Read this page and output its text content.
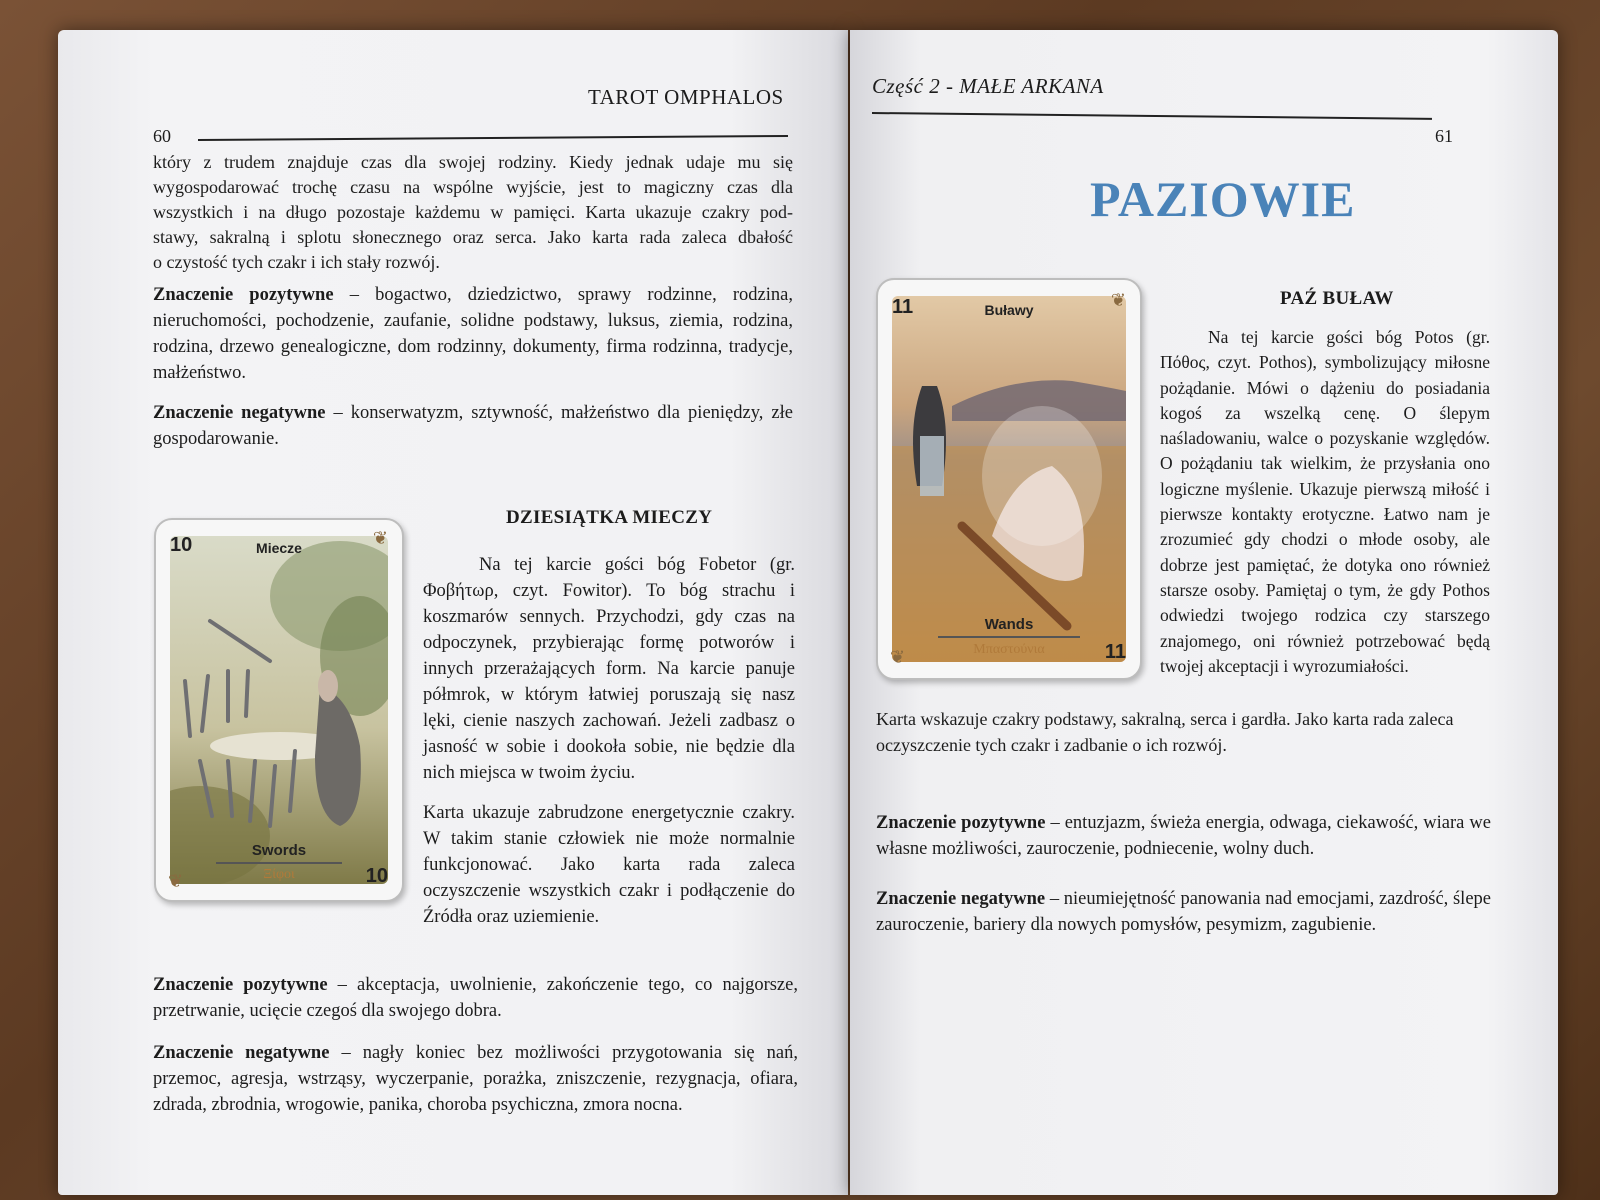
TAROT OMPHALOS
60

który z trudem znajduje czas dla swojej rodziny. Kiedy jednak udaje mu się

wygospodarować trochę czasu na wspólne wyjście, jest to magiczny czas dla

wszystkich i na długo pozostaje każdemu w pamięci. Karta ukazuje czakry pod-

stawy, sakralną i splotu słonecznego oraz serca. Jako karta rada zaleca dbałość

o czystość tych czakr i ich stały rozwój.

Znaczenie pozytywne – bogactwo, dziedzictwo, sprawy rodzinne, rodzina, nieruchomości, pochodzenie, zaufanie, solidne podstawy, luksus, ziemia, rodzina, rodzina, drzewo genealogiczne, dom rodzinny, dokumenty, firma rodzinna, tradycje, małżeństwo.
Znaczenie negatywne – konserwatyzm, sztywność, małżeństwo dla pieniędzy, złe gospodarowanie.
DZIESIĄTKA MIECZY
10	Miecze	❦
❦
Swords
Ξίφοι	10
Na tej karcie gości bóg Fobetor (gr. Φοβήτωρ, czyt. Fowitor). To bóg strachu i koszmarów sennych. Przychodzi, gdy czas na odpoczynek, przybierając formę potworów i innych przerażających form. Na karcie panuje półmrok, w którym łatwiej poruszają się nasz lęki, cienie naszych zachowań. Jeżeli zadbasz o jasność w sobie i dookoła sobie, nie będzie dla nich miejsca w twoim życiu.
Karta ukazuje zabrudzone energetycznie czakry. W takim stanie człowiek nie może normalnie funkcjonować. Jako karta rada zaleca oczyszczenie wszystkich czakr i podłączenie do Źródła oraz uziemienie.
Znaczenie pozytywne – akceptacja, uwolnienie, zakończenie tego, co najgorsze, przetrwanie, ucięcie czegoś dla swojego dobra.
Znaczenie negatywne – nagły koniec bez możliwości przygotowania się nań, przemoc, agresja, wstrząsy, wyczerpanie, porażka, zniszczenie, rezygnacja, ofiara, zdrada, zbrodnia, wrogowie, panika, choroba psychiczna, zmora nocna.
Część 2 - MAŁE ARKANA
61
PAZIOWIE
11	Buławy	❦
❦
Wands
Μπαστούνια	11
PAŹ BUŁAW
Na tej karcie gości bóg Potos (gr. Πόθος, czyt. Pothos), symbolizujący miłosne pożądanie. Mówi o dążeniu do posiadania kogoś za wszelką cenę. O ślepym naśladowaniu, walce o pozyskanie względów. O pożądaniu tak wielkim, że przysłania ono logiczne myślenie. Ukazuje pierwszą miłość i pierwsze kontakty erotyczne. Łatwo nam je zrozumieć gdy chodzi o młode osoby, ale dobrze jest pamiętać, że dotyka ono również starsze osoby. Pamiętaj o tym, że gdy Pothos odwiedzi twojego rodzica czy starszego znajomego, oni również potrzebować będą twojej akceptacji i wyrozumiałości.
Karta wskazuje czakry podstawy, sakralną, serca i gardła. Jako karta rada zaleca oczyszczenie tych czakr i zadbanie o ich rozwój.
Znaczenie pozytywne – entuzjazm, świeża energia, odwaga, ciekawość, wiara we własne możliwości, zauroczenie, podniecenie, wolny duch.
Znaczenie negatywne – nieumiejętność panowania nad emocjami, zazdrość, ślepe zauroczenie, bariery dla nowych pomysłów, pesymizm, zagubienie.
